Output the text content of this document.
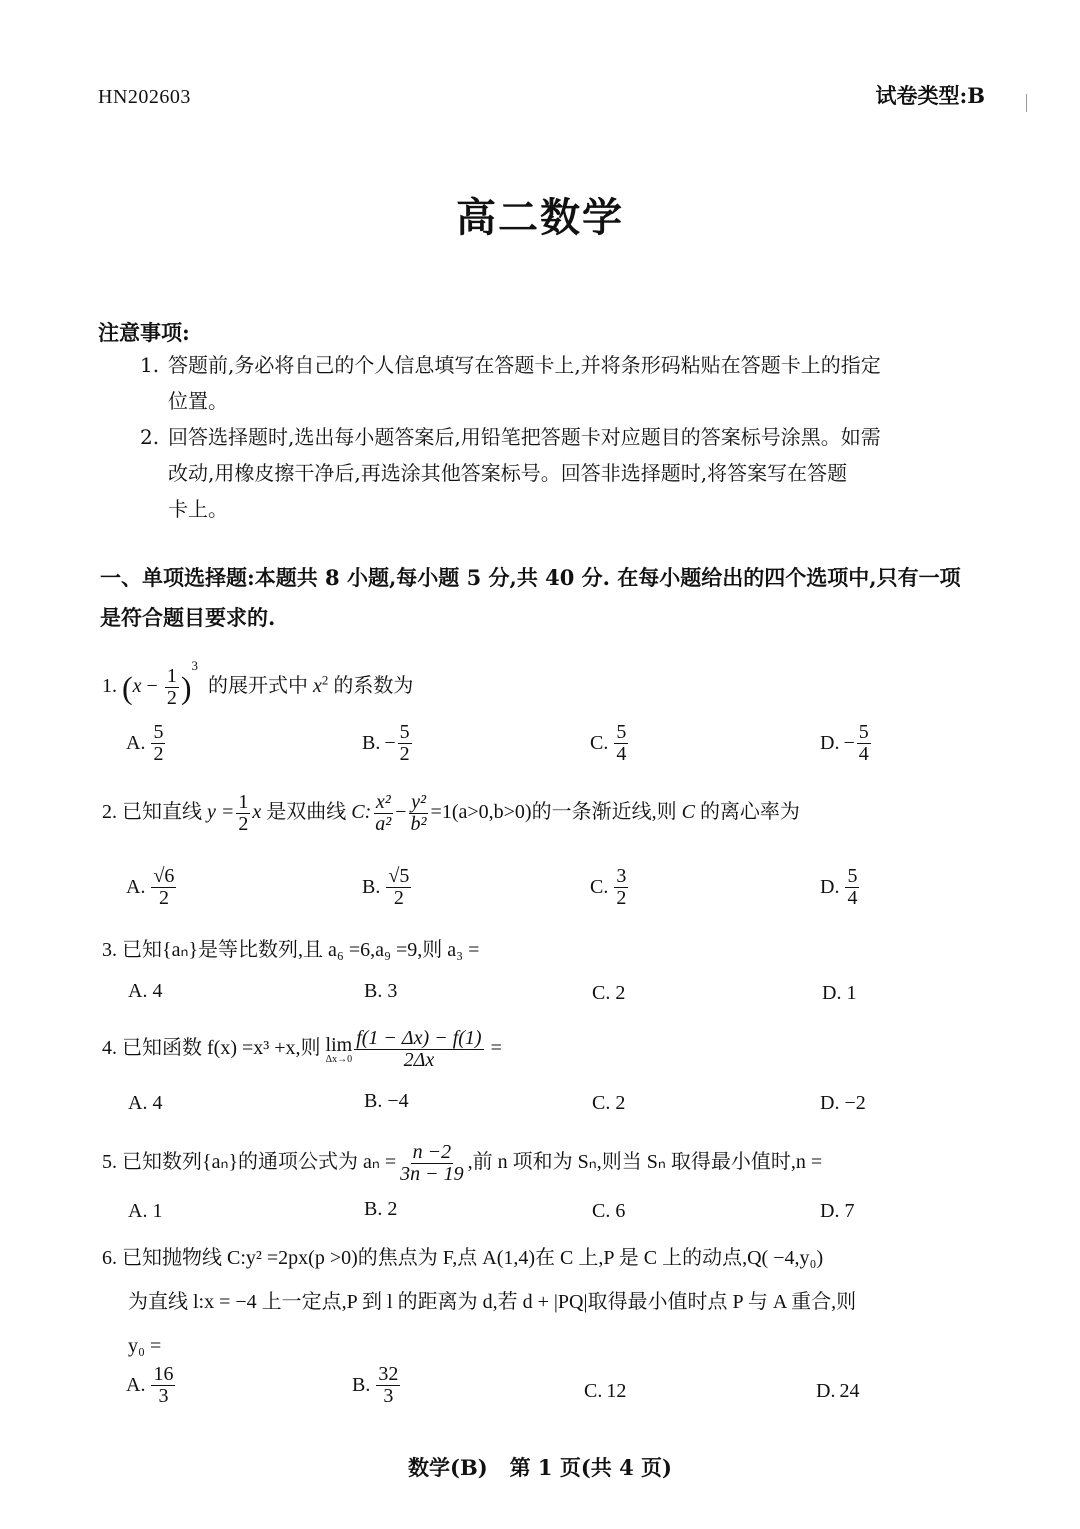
HN202603	试卷类型:B
高二数学
注意事项:
1. 答题前,务必将自己的个人信息填写在答题卡上,并将条形码粘贴在答题卡上的指定
位置。
2. 回答选择题时,选出每小题答案后,用铅笔把答题卡对应题目的答案标号涂黑。如需
改动,用橡皮擦干净后,再选涂其他答案标号。回答非选择题时,将答案写在答题
卡上。
一、单项选择题:本题共 8 小题,每小题 5 分,共 40 分. 在每小题给出的四个选项中,只有一项
是符合题目要求的.
1. $(x - \frac{1}{2} )^3$  的展开式中 $x^2$ 的系数为
A. $\frac{5}{2}$	B. − $\frac{5}{2}$	C. $\frac{5}{4}$	D. − $\frac{5}{4}$
2. 已知直线 $y = \frac{1}{2}$ x 是双曲线 C: $\frac{\text{x²}}{\text{a²}} - \frac{\text{y²}}{\text{b²}} =1(a>0,b>0)$的一条渐近线,则 C 的离心率为
A. $\frac{√6}{2}$	B. $\frac{√5}{2}$	C. $\frac{3}{2}$	D. $\frac{5}{4}$
3. 已知{aₙ}是等比数列,且 a₆ =6,a₉ =9,则 a₃ =
A. 4	B. 3	C. 2	D. 1
4. 已知函数 f(x) =x³ +x,则 lim
$\Delta x\to 0 \frac{f(1 - \Delta x) - f(1)}{2\Delta x}$ =
A. 4	B. −4	C. 2	D. −2
5. 已知数列{aₙ}的通项公式为 $a_n = \frac{n -2}{3n - 19}$ ,前 n 项和为 Sₙ,则当 Sₙ 取得最小值时,n =
A. 1	B. 2	C. 6	D. 7
6. 已知抛物线 C:y² =2px(p >0)的焦点为 F,点 A(1,4)在 C 上,P 是 C 上的动点,Q( −4,y₀)
为直线 l:x = −4 上一定点,P 到 l 的距离为 d,若 d + |PQ|取得最小值时点 P 与 A 重合,则
y₀ =
A. $\frac{16}{3}$	B. $\frac{32}{3}$	C. 12	D. 24
数学(B)   第 1 页(共 4 页)
